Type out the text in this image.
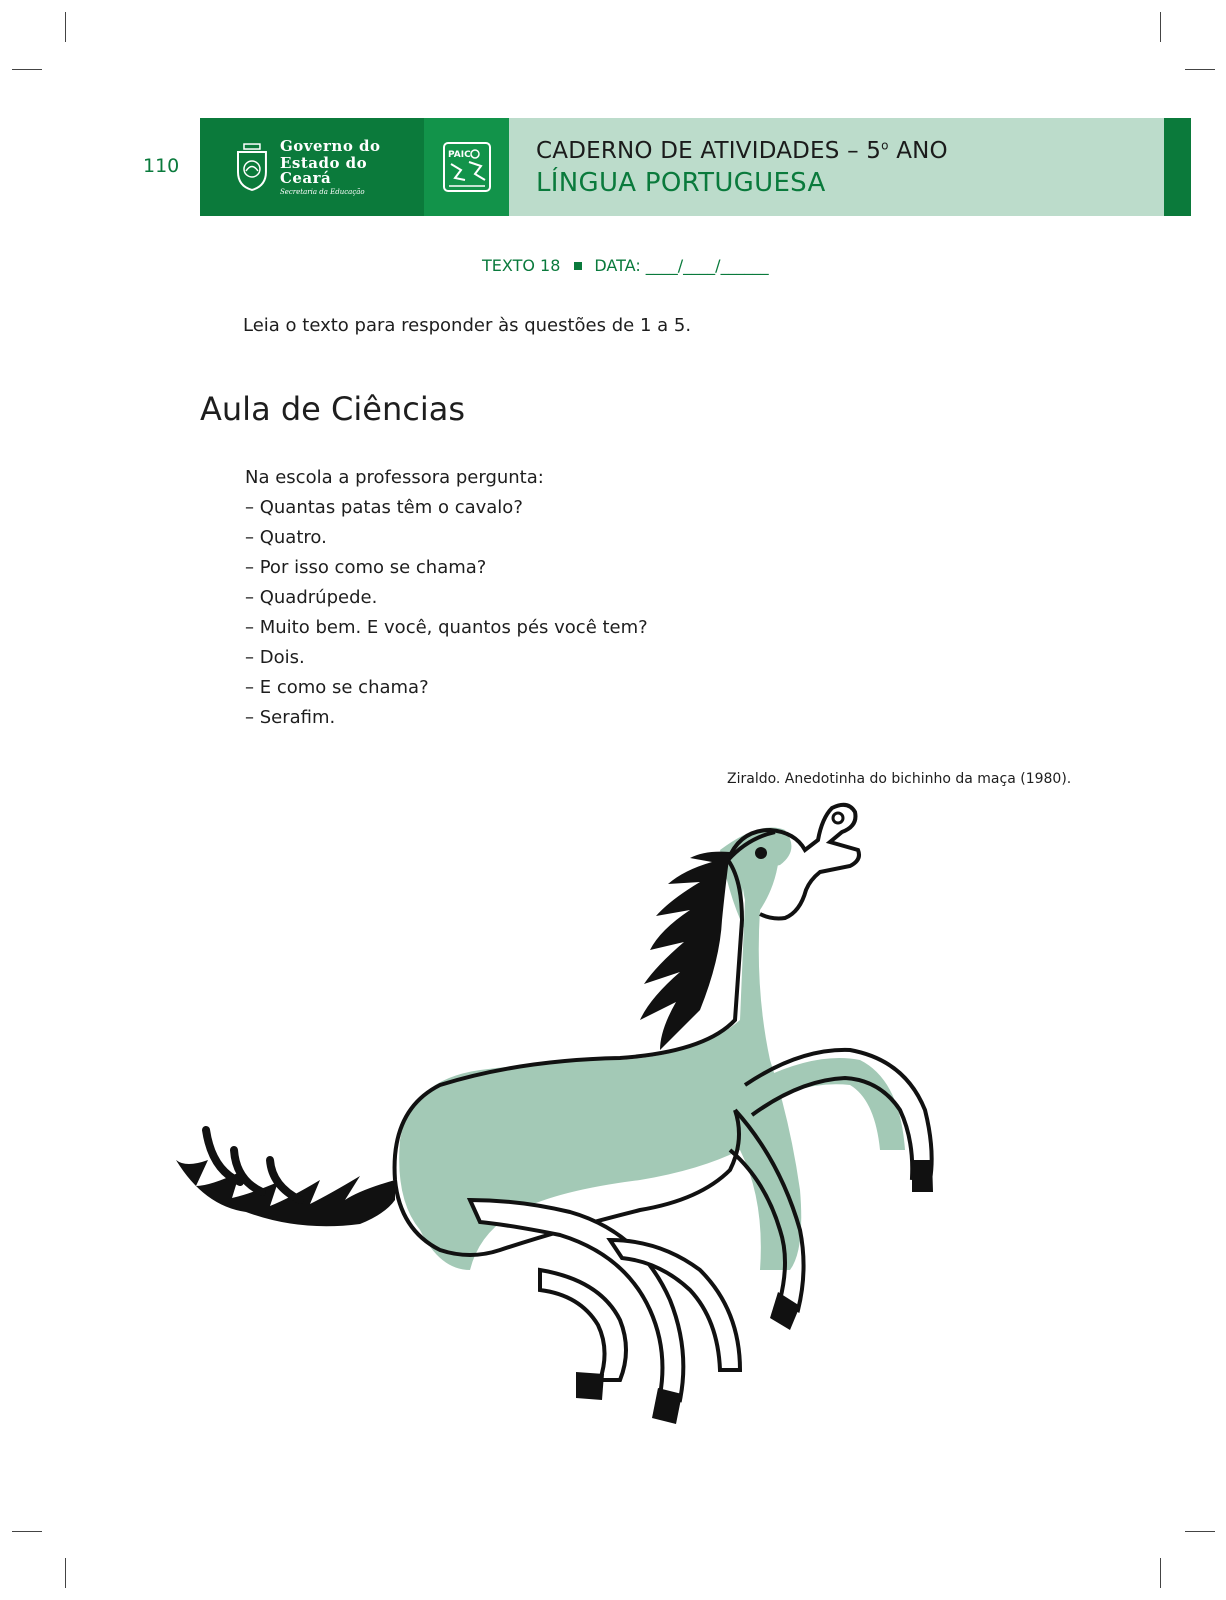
110
Governo do
Estado do Ceará
Secretaria da Educação
PAIC	CADERNO DE ATIVIDADES – 5$^o$ ANO
LÍNGUA PORTUGUESA
TEXTO 18 DATA: ____/____/______
Leia o texto para responder às questões de 1 a 5.
Aula de Ciências
Na escola a professora pergunta:
– Quantas patas têm o cavalo?
– Quatro.
– Por isso como se chama?
– Quadrúpede.
– Muito bem. E você, quantos pés você tem?
– Dois.
– E como se chama?
– Serafim.
Ziraldo. Anedotinha do bichinho da maça (1980).
